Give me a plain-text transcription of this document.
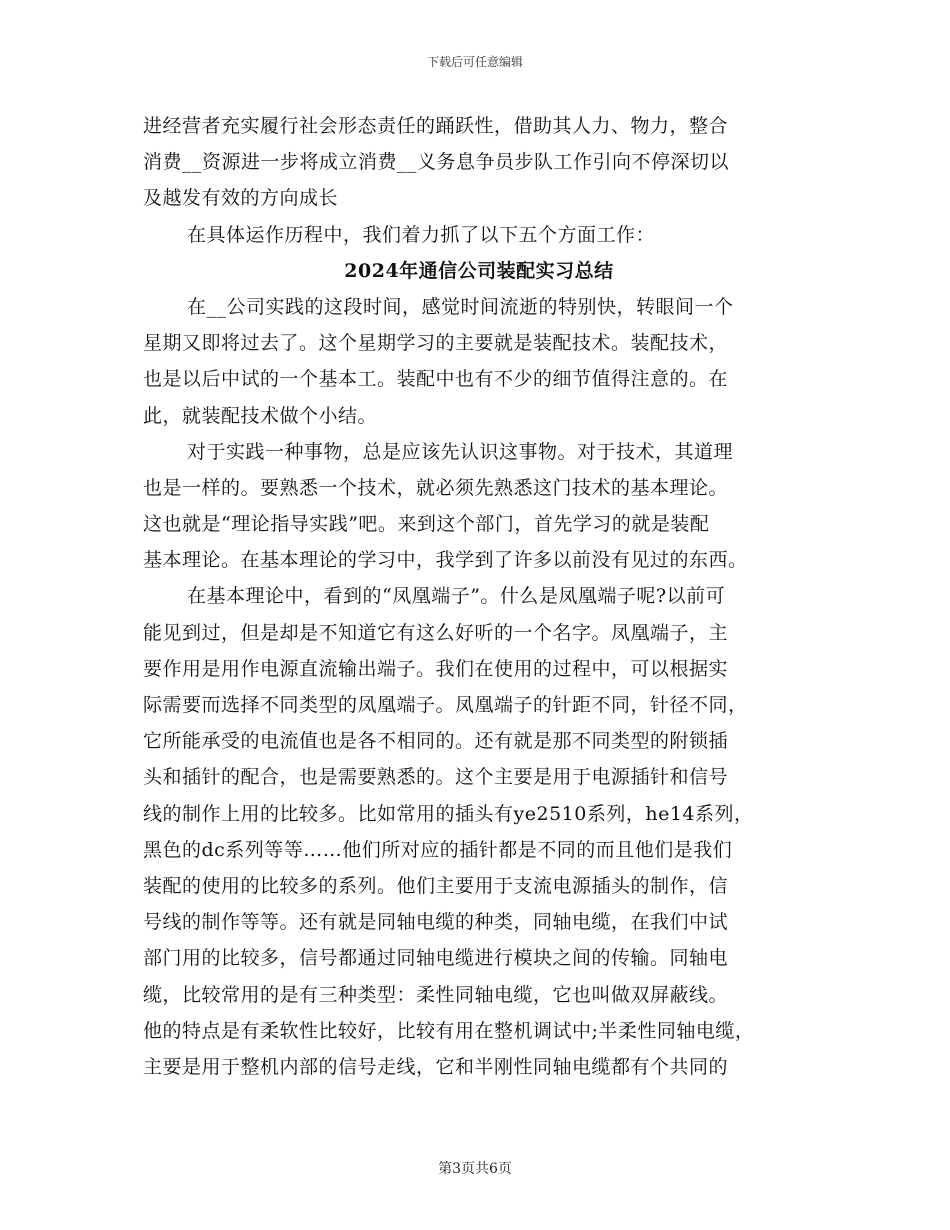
下载后可任意编辑
进经营者充实履行社会形态责任的踊跃性，借助其人力、物力，整合
消费__资源进一步将成立消费__义务息争员步队工作引向不停深切以
及越发有效的方向成长
在具体运作历程中，我们着力抓了以下五个方面工作：
2024年通信公司装配实习总结
在__公司实践的这段时间，感觉时间流逝的特别快，转眼间一个
星期又即将过去了。这个星期学习的主要就是装配技术。装配技术，
也是以后中试的一个基本工。装配中也有不少的细节值得注意的。在
此，就装配技术做个小结。
对于实践一种事物，总是应该先认识这事物。对于技术，其道理
也是一样的。要熟悉一个技术，就必须先熟悉这门技术的基本理论。
这也就是“理论指导实践”吧。来到这个部门，首先学习的就是装配
基本理论。在基本理论的学习中，我学到了许多以前没有见过的东西。
在基本理论中，看到的“凤凰端子”。什么是凤凰端子呢?以前可
能见到过，但是却是不知道它有这么好听的一个名字。凤凰端子，主
要作用是用作电源直流输出端子。我们在使用的过程中，可以根据实
际需要而选择不同类型的凤凰端子。凤凰端子的针距不同，针径不同，
它所能承受的电流值也是各不相同的。还有就是那不同类型的附锁插
头和插针的配合，也是需要熟悉的。这个主要是用于电源插针和信号
线的制作上用的比较多。比如常用的插头有ye2510系列，he14系列，
黑色的dc系列等等……他们所对应的插针都是不同的而且他们是我们
装配的使用的比较多的系列。他们主要用于支流电源插头的制作，信
号线的制作等等。还有就是同轴电缆的种类，同轴电缆，在我们中试
部门用的比较多，信号都通过同轴电缆进行模块之间的传输。同轴电
缆，比较常用的是有三种类型：柔性同轴电缆，它也叫做双屏蔽线。
他的特点是有柔软性比较好，比较有用在整机调试中;半柔性同轴电缆，
主要是用于整机内部的信号走线，它和半刚性同轴电缆都有个共同的
第3页共6页
